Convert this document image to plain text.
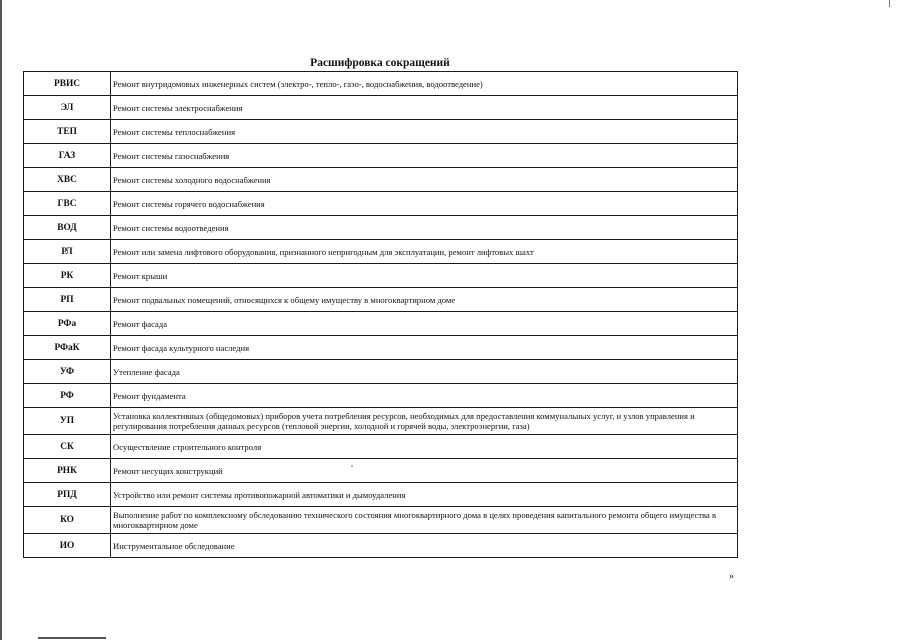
Расшифровка сокращений
РВИС	Ремонт внутридомовых инженерных систем (электро-, тепло-, газо-, водоснабжения, водоотведение)
ЭЛ	Ремонт системы электроснабжения
ТЕП	Ремонт системы теплоснабжения
ГАЗ	Ремонт системы газоснабжения
ХВС	Ремонт системы холодного водоснабжения
ГВС	Ремонт системы горячего водоснабжения
ВОД	Ремонт системы водоотведения
РЛ	Ремонт или замена лифтового оборудования, признанного непригодным для эксплуатации, ремонт лифтовых шахт
РК	Ремонт крыши
РП	Ремонт подвальных помещений, относящихся к общему имуществу в многоквартирном доме
РФа	Ремонт фасада
РФаК	Ремонт фасада культурного наследия
УФ	Утепление фасада
РФ	Ремонт фундамента
УП	Установка коллективных (общедомовых) приборов учета потребления ресурсов, необходимых для предоставления коммунальных услуг, и узлов управления и регулирования потребления данных ресурсов (тепловой энергии, холодной и горячей воды, электроэнергии, газа)
СК	Осуществление строительного контроля
РНК	Ремонт несущих конструкций
РПД	Устройство или ремонт системы противопожарной автоматики и дымоудаления
КО	Выполнение работ по комплексному обследованию технического состояния многоквартирного дома в целях проведения капитального ремонта общего имущества в многоквартирном доме
ИО	Инструментальное обследование
»
